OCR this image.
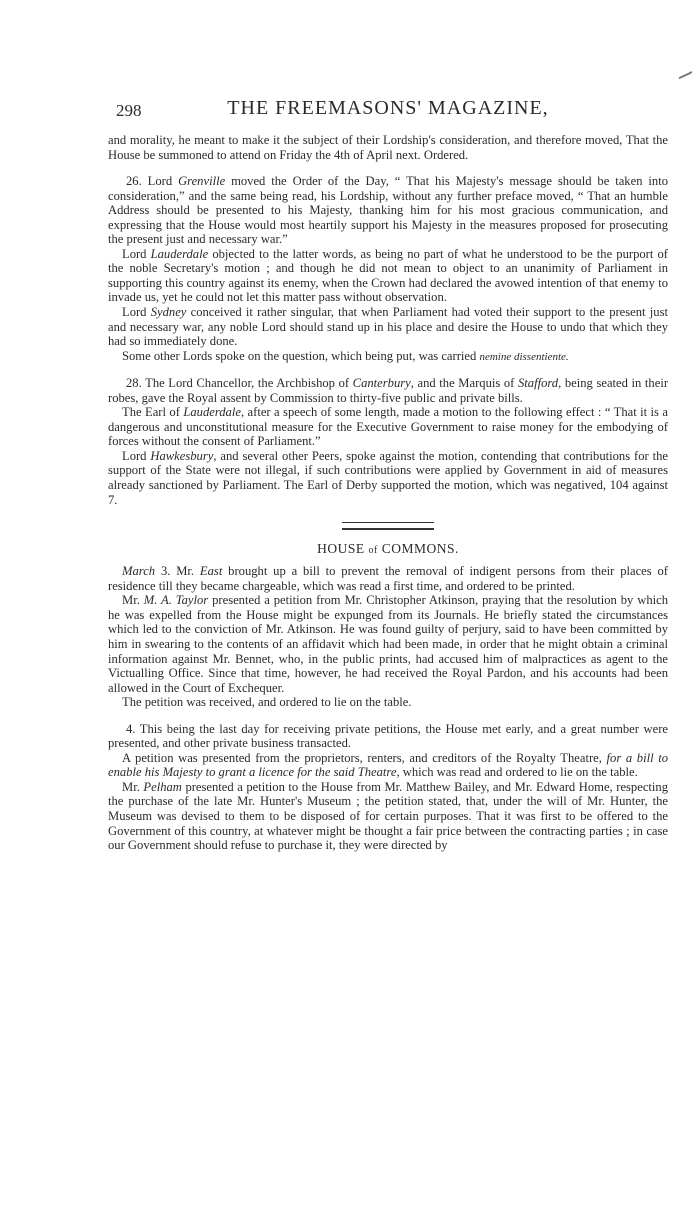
298	THE FREEMASONS' MAGAZINE,

and morality, he meant to make it the subject of their Lordship's consideration, and therefore moved, That the House be summoned to attend on Friday the 4th of April next. Ordered.

26. Lord Grenville moved the Order of the Day, “ That his Majesty's message should be taken into consideration,” and the same being read, his Lordship, without any further preface moved, “ That an humble Address should be presented to his Majesty, thanking him for his most gracious communication, and expressing that the House would most heartily support his Majesty in the measures proposed for prosecuting the present just and necessary war.”

Lord Lauderdale objected to the latter words, as being no part of what he understood to be the purport of the noble Secretary's motion ; and though he did not mean to object to an unanimity of Parliament in supporting this country against its enemy, when the Crown had declared the avowed intention of that enemy to invade us, yet he could not let this matter pass without observation.

Lord Sydney conceived it rather singular, that when Parliament had voted their support to the present just and necessary war, any noble Lord should stand up in his place and desire the House to undo that which they had so immediately done.

Some other Lords spoke on the question, which being put, was carried nemine dissentiente.

28. The Lord Chancellor, the Archbishop of Canterbury, and the Marquis of Stafford, being seated in their robes, gave the Royal assent by Commission to thirty-five public and private bills.

The Earl of Lauderdale, after a speech of some length, made a motion to the following effect : “ That it is a dangerous and unconstitutional measure for the Executive Government to raise money for the embodying of forces without the consent of Parliament.”

Lord Hawkesbury, and several other Peers, spoke against the motion, contending that contributions for the support of the State were not illegal, if such contributions were applied by Government in aid of measures already sanctioned by Parliament. The Earl of Derby supported the motion, which was negatived, 104 against 7.

HOUSE of COMMONS.

March 3. Mr. East brought up a bill to prevent the removal of indigent persons from their places of residence till they became chargeable, which was read a first time, and ordered to be printed.

Mr. M. A. Taylor presented a petition from Mr. Christopher Atkinson, praying that the resolution by which he was expelled from the House might be expunged from its Journals. He briefly stated the circumstances which led to the conviction of Mr. Atkinson. He was found guilty of perjury, said to have been committed by him in swearing to the contents of an affidavit which had been made, in order that he might obtain a criminal information against Mr. Bennet, who, in the public prints, had accused him of malpractices as agent to the Victualling Office. Since that time, however, he had received the Royal Pardon, and his accounts had been allowed in the Court of Exchequer.

The petition was received, and ordered to lie on the table.

4. This being the last day for receiving private petitions, the House met early, and a great number were presented, and other private business transacted.

A petition was presented from the proprietors, renters, and creditors of the Royalty Theatre, for a bill to enable his Majesty to grant a licence for the said Theatre, which was read and ordered to lie on the table.

Mr. Pelham presented a petition to the House from Mr. Matthew Bailey, and Mr. Edward Home, respecting the purchase of the late Mr. Hunter's Museum ; the petition stated, that, under the will of Mr. Hunter, the Museum was devised to them to be disposed of for certain purposes. That it was first to be offered to the Government of this country, at whatever might be thought a fair price between the contracting parties ; in case our Government should refuse to purchase it, they were directed by
